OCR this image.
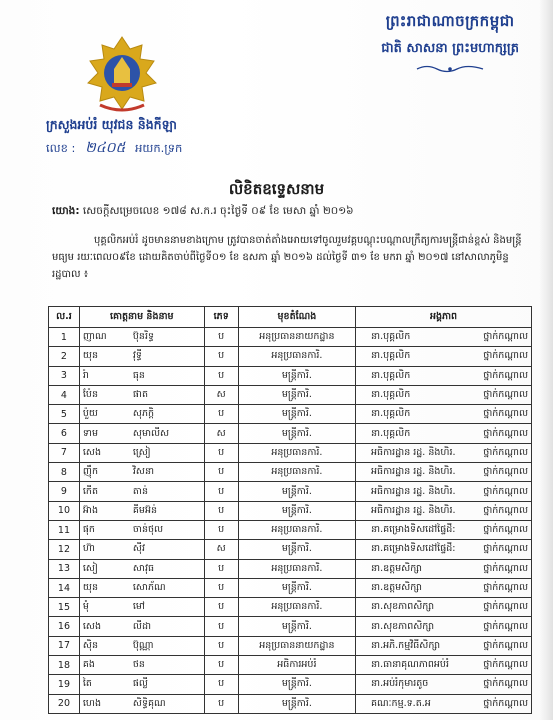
ព្រះរាជាណាចក្រកម្ពុជា
ជាតិ សាសនា ព្រះមហាក្សត្រ
ក្រសួងអប់រំ យុវជន និងកីឡា
លេខ : ២៤០៥ អយក.ទ្រក
លិខិតឧទ្ទេសនាម
យោង: សេចក្តីសម្រេចលេខ ១៧៨ ស.ក.រ ចុះថ្ងៃទី ០៩ ខែ មេសា ឆ្នាំ ២០១៦
បុគ្គលិកអប់រំ ដូចមាននាមខាងក្រោម ត្រូវបានចាត់តាំងអោយទៅចូលរួមវគ្គបណ្តុះបណ្តាលក្រឹត្យការមន្ត្រីជាន់ខ្ពស់ និងមន្ត្រីមធ្យម រយៈពេល០៩ខែ ដោយគិតចាប់ពីថ្ងៃទី០១ ខែ ឧសភា ឆ្នាំ ២០១៦ ដល់ថ្ងៃទី ៣១ ខែ មករា ឆ្នាំ ២០១៧ នៅសាលាភូមិន្ទរដ្ឋបាល ៖
ល.រ	គោត្តនាម និងនាម	ភេទ	មុខតំណែង	អង្គភាព
1	ញាណ ប៊ុនរិទ្ធ	ប	អនុប្រធាននាយកដ្ឋាន	នា.បុគ្គលិក ថ្នាក់កណ្តាល

2	យុន វុទ្ធី	ប	អនុប្រធានការិ.	នា.បុគ្គលិក ថ្នាក់កណ្តាល

3	រ៉ា ធុន	ប	មន្ត្រីការិ.	នា.បុគ្គលិក ថ្នាក់កណ្តាល

4	ប៉ែន ផាត	ស	មន្ត្រីការិ.	នា.បុគ្គលិក ថ្នាក់កណ្តាល

5	ប៉ួយ សុភក្តិ	ប	មន្ត្រីការិ.	នា.បុគ្គលិក ថ្នាក់កណ្តាល

6	ទាម សុមាលីស	ស	មន្ត្រីការិ.	នា.បុគ្គលិក ថ្នាក់កណ្តាល

7	សេង ស្រៀ	ប	អនុប្រធានការិ.	អធិការដ្ឋាន រដ្ឋ. និងហិរ. ថ្នាក់កណ្តាល

8	ញ៉ឹក វិសនា	ប	អនុប្រធានការិ.	អធិការដ្ឋាន រដ្ឋ. និងហិរ. ថ្នាក់កណ្តាល

9	កើត តាន់	ប	មន្ត្រីការិ.	អធិការដ្ឋាន រដ្ឋ. និងហិរ. ថ្នាក់កណ្តាល

10	អ៊ាង គីមអ៊ន់	ប	មន្ត្រីការិ.	អធិការដ្ឋាន រដ្ឋ. និងហិរ. ថ្នាក់កណ្តាល

11	ផុក ចាន់ថុល	ប	អនុប្រធានការិ.	នា.គម្រោងទិសដៅផ្ទៃដី: ថ្នាក់កណ្តាល

12	ហ៊ា ស៊ីវ	ស	មន្ត្រីការិ.	នា.គម្រោងទិសដៅផ្ទៃដី: ថ្នាក់កណ្តាល

13	សៀ សាវុធ	ប	អនុប្រធានការិ.	នា.ឧត្តមសិក្សា ថ្នាក់កណ្តាល

14	យុន សោភ័ណ	ប	មន្ត្រីការិ.	នា.ឧត្តមសិក្សា ថ្នាក់កណ្តាល

15	មុំ មៅ	ប	អនុប្រធានការិ.	នា.សុខភាពសិក្សា ថ្នាក់កណ្តាល

16	សេង លីដា	ប	មន្ត្រីការិ.	នា.សុខភាពសិក្សា ថ្នាក់កណ្តាល

17	ស៊ិន ប៊ុណ្ណា	ប	អនុប្រធាននាយកដ្ឋាន	នា.អភិ.កម្មវិធីសិក្សា ថ្នាក់កណ្តាល

18	គង ថន	ប	អធិការអប់រំ	នា.ធានាគុណភាពអប់រំ ថ្នាក់កណ្តាល

19	តៃ ផល្លី	ប	មន្ត្រីការិ.	នា.អប់រំកុមារតូច ថ្នាក់កណ្តាល

20	ហេង សិទ្ធិគុណ	ប	មន្ត្រីការិ.	គណៈកម្ម.ទ.ត.អ ថ្នាក់កណ្តាល
